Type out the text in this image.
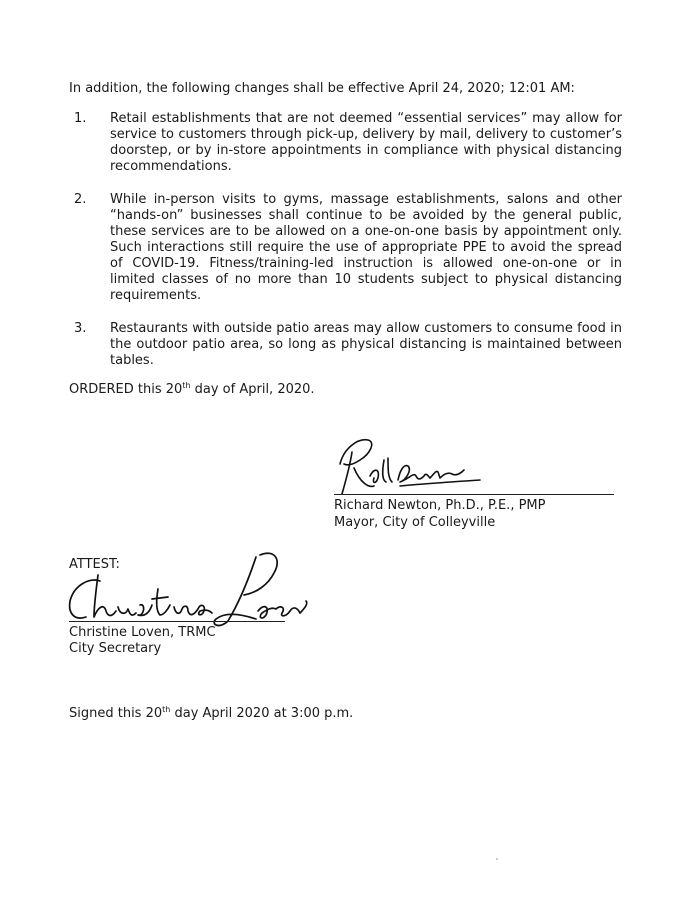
In addition, the following changes shall be effective April 24, 2020; 12:01 AM:
1.	Retail establishments that are not deemed “essential services” may allow for service to customers through pick-up, delivery by mail, delivery to customer’s doorstep, or by in-store appointments in compliance with physical distancing recommendations.
2.	While in-person visits to gyms, massage establishments, salons and other “hands-on” businesses shall continue to be avoided by the general public, these services are to be allowed on a one-on-one basis by appointment only. Such interactions still require the use of appropriate PPE to avoid the spread of COVID-19. Fitness/training-led instruction is allowed one-on-one or in limited classes of no more than 10 students subject to physical distancing requirements.
3.	Restaurants with outside patio areas may allow customers to consume food in the outdoor patio area, so long as physical distancing is maintained between tables.
ORDERED this 20th day of April, 2020.
Richard Newton, Ph.D., P.E., PMP
Mayor, City of Colleyville
ATTEST:
Christine Loven, TRMC
City Secretary
Signed this 20th day April 2020 at 3:00 p.m.
